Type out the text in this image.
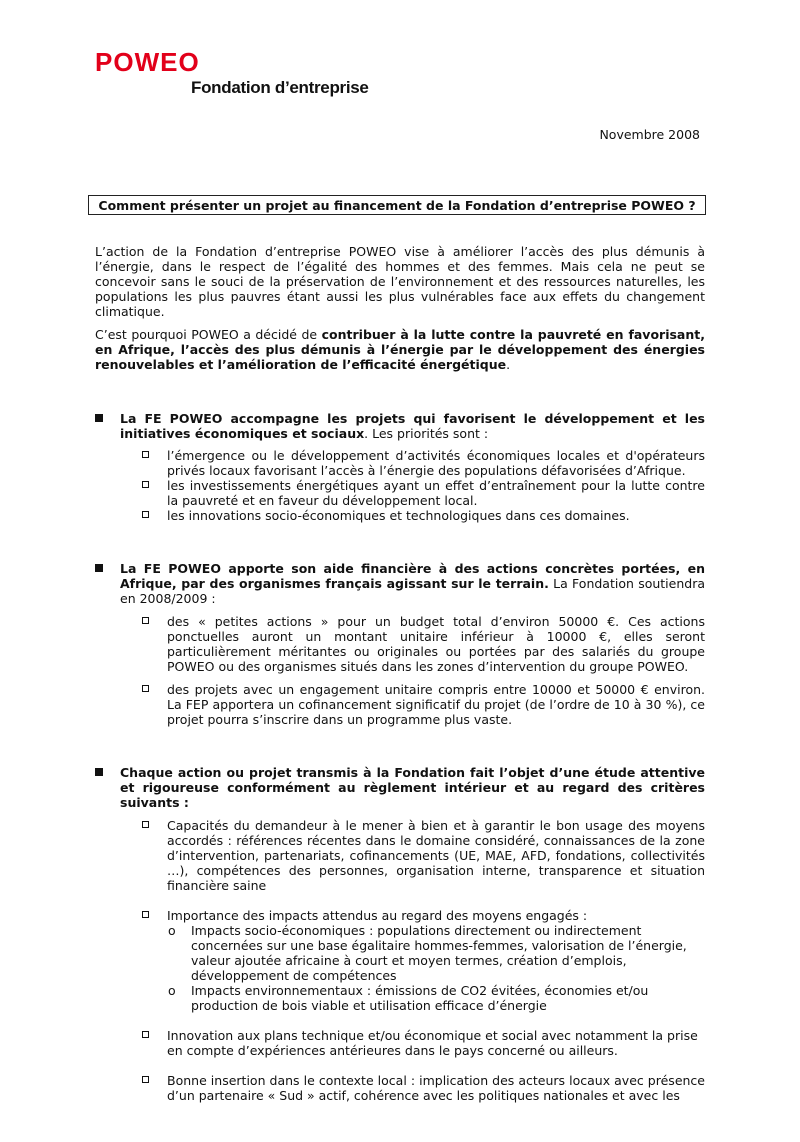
POWEO
Fondation d’entreprise
Novembre 2008
Comment présenter un projet au financement de la Fondation d’entreprise POWEO ?

L’action de la Fondation d’entreprise POWEO vise à améliorer l’accès des plus démunis à l’énergie, dans le respect de l’égalité des hommes et des femmes. Mais cela ne peut se concevoir sans le souci de la préservation de l’environnement et des ressources naturelles, les populations les plus pauvres étant aussi les plus vulnérables face aux effets du changement climatique.

C’est pourquoi POWEO a décidé de contribuer à la lutte contre la pauvreté en favorisant, en Afrique, l’accès des plus démunis à l’énergie par le développement des énergies renouvelables et l’amélioration de l’efficacité énergétique.

La FE POWEO accompagne les projets qui favorisent le développement et les initiatives économiques et sociaux. Les priorités sont :
l’émergence ou le développement d’activités économiques locales et d'opérateurs privés locaux favorisant l’accès à l’énergie des populations défavorisées d’Afrique.
les investissements énergétiques ayant un effet d’entraînement pour la lutte contre la pauvreté et en faveur du développement local.
les innovations socio-économiques et technologiques dans ces domaines.
La FE POWEO apporte son aide financière à des actions concrètes portées, en Afrique, par des organismes français agissant sur le terrain. La Fondation soutiendra en 2008/2009 :
des « petites actions » pour un budget total d’environ 50000 €. Ces actions ponctuelles auront un montant unitaire inférieur à 10000 €, elles seront particulièrement méritantes ou originales ou portées par des salariés du groupe POWEO ou des organismes situés dans les zones d’intervention du groupe POWEO.
des projets avec un engagement unitaire compris entre 10000 et 50000 € environ. La FEP apportera un cofinancement significatif du projet (de l’ordre de 10 à 30 %), ce projet pourra s’inscrire dans un programme plus vaste.
Chaque action ou projet transmis à la Fondation fait l’objet d’une étude attentive et rigoureuse conformément au règlement intérieur et au regard des critères suivants :
Capacités du demandeur à le mener à bien et à garantir le bon usage des moyens accordés : références récentes dans le domaine considéré, connaissances de la zone d’intervention, partenariats, cofinancements (UE, MAE, AFD, fondations, collectivités …), compétences des personnes, organisation interne, transparence et situation financière saine
Importance des impacts attendus au regard des moyens engagés :
o Impacts socio-économiques : populations directement ou indirectement concernées sur une base égalitaire hommes-femmes, valorisation de l’énergie, valeur ajoutée africaine à court et moyen termes, création d’emplois, développement de compétences
o Impacts environnementaux : émissions de CO2 évitées, économies et/ou production de bois viable et utilisation efficace d’énergie
Innovation aux plans technique et/ou économique et social avec notamment la prise en compte d’expériences antérieures dans le pays concerné ou ailleurs.
Bonne insertion dans le contexte local : implication des acteurs locaux avec présence d’un partenaire « Sud » actif, cohérence avec les politiques nationales et avec les
